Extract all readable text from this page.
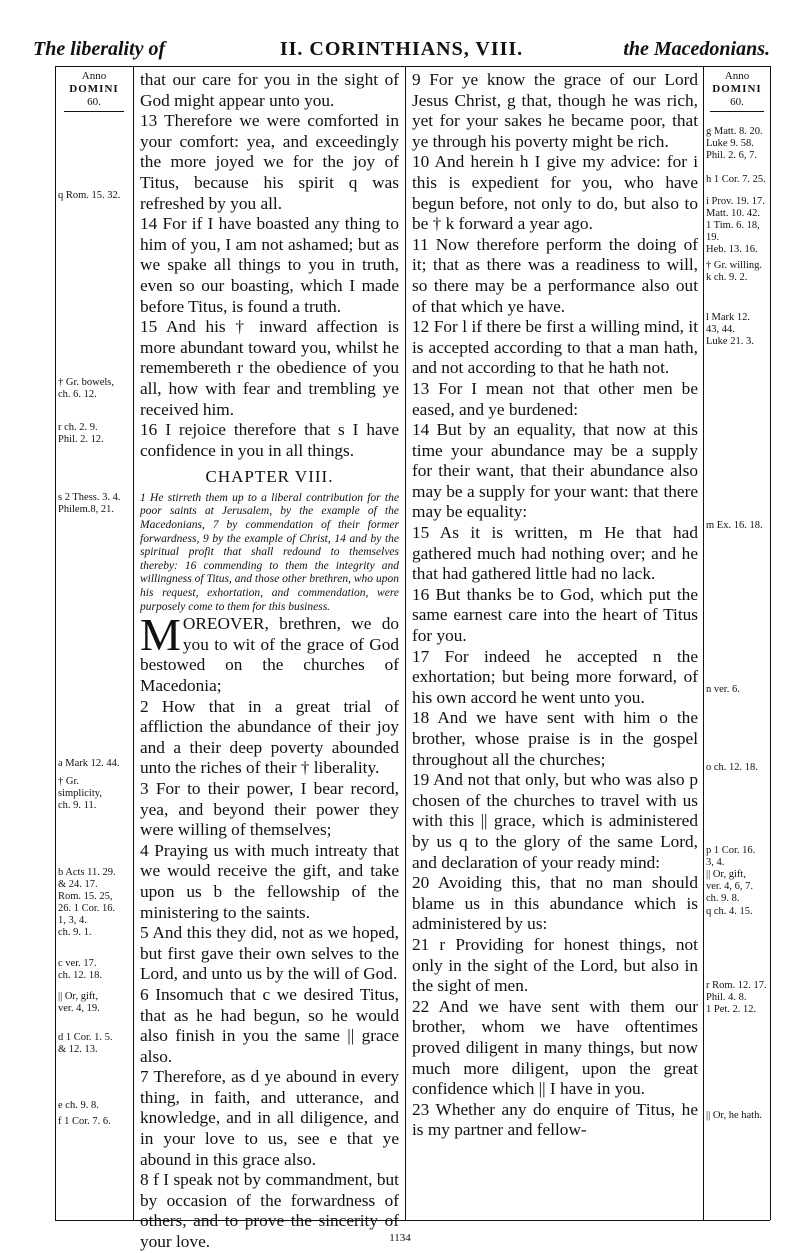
The liberality of	II. CORINTHIANS, VIII.	the Macedonians.
Anno
DOMINI
60.
q Rom. 15. 32.
† Gr. bowels,
ch. 6. 12.
r ch. 2. 9.
Phil. 2. 12.
s 2 Thess. 3. 4.
Philem.8, 21.
a Mark 12. 44.
† Gr.
simplicity,
ch. 9. 11.
b Acts 11. 29.
& 24. 17.
Rom. 15. 25,
26. 1 Cor. 16.
1, 3, 4.
ch. 9. 1.
c ver. 17.
ch. 12. 18.
|| Or, gift,
ver. 4, 19.
d 1 Cor. 1. 5.
& 12. 13.
e ch. 9. 8.
f 1 Cor. 7. 6.

that our care for you in the sight of God might appear unto you.

13 Therefore we were comforted in your comfort: yea, and exceedingly the more joyed we for the joy of Titus, because his spirit q was refreshed by you all.

14 For if I have boasted any thing to him of you, I am not ashamed; but as we spake all things to you in truth, even so our boasting, which I made before Titus, is found a truth.

15 And his † inward affection is more abundant toward you, whilst he remembereth r the obedience of you all, how with fear and trembling ye received him.

16 I rejoice therefore that s I have confidence in you in all things.

CHAPTER VIII.

1 He stirreth them up to a liberal contribution for the poor saints at Jerusalem, by the example of the Macedonians, 7 by commendation of their former forwardness, 9 by the example of Christ, 14 and by the spiritual profit that shall redound to themselves thereby: 16 commending to them the integrity and willingness of Titus, and those other brethren, who upon his request, exhortation, and commendation, were purposely come to them for this business.

MOREOVER, brethren, we do you to wit of the grace of God bestowed on the churches of Macedonia;

2 How that in a great trial of affliction the abundance of their joy and a their deep poverty abounded unto the riches of their † liberality.

3 For to their power, I bear record, yea, and beyond their power they were willing of themselves;

4 Praying us with much intreaty that we would receive the gift, and take upon us b the fellowship of the ministering to the saints.

5 And this they did, not as we hoped, but first gave their own selves to the Lord, and unto us by the will of God.

6 Insomuch that c we desired Titus, that as he had begun, so he would also finish in you the same || grace also.

7 Therefore, as d ye abound in every thing, in faith, and utterance, and knowledge, and in all diligence, and in your love to us, see e that ye abound in this grace also.

8 f I speak not by commandment, but by occasion of the forwardness of others, and to prove the sincerity of your love.

9 For ye know the grace of our Lord Jesus Christ, g that, though he was rich, yet for your sakes he became poor, that ye through his poverty might be rich.

10 And herein h I give my advice: for i this is expedient for you, who have begun before, not only to do, but also to be † k forward a year ago.

11 Now therefore perform the doing of it; that as there was a readiness to will, so there may be a performance also out of that which ye have.

12 For l if there be first a willing mind, it is accepted according to that a man hath, and not according to that he hath not.

13 For I mean not that other men be eased, and ye burdened:

14 But by an equality, that now at this time your abundance may be a supply for their want, that their abundance also may be a supply for your want: that there may be equality:

15 As it is written, m He that had gathered much had nothing over; and he that had gathered little had no lack.

16 But thanks be to God, which put the same earnest care into the heart of Titus for you.

17 For indeed he accepted n the exhortation; but being more forward, of his own accord he went unto you.

18 And we have sent with him o the brother, whose praise is in the gospel throughout all the churches;

19 And not that only, but who was also p chosen of the churches to travel with us with this || grace, which is administered by us q to the glory of the same Lord, and declaration of your ready mind:

20 Avoiding this, that no man should blame us in this abundance which is administered by us:

21 r Providing for honest things, not only in the sight of the Lord, but also in the sight of men.

22 And we have sent with them our brother, whom we have oftentimes proved diligent in many things, but now much more diligent, upon the great confidence which || I have in you.

23 Whether any do enquire of Titus, he is my partner and fellow-

Anno
DOMINI
60.
g Matt. 8. 20.
Luke 9. 58.
Phil. 2. 6, 7.
h 1 Cor. 7. 25.
i Prov. 19. 17.
Matt. 10. 42.
1 Tim. 6. 18,
19.
Heb. 13. 16.
† Gr. willing.
k ch. 9. 2.
l Mark 12.
43, 44.
Luke 21. 3.
m Ex. 16. 18.
n ver. 6.
o ch. 12. 18.
p 1 Cor. 16.
3, 4.
|| Or, gift,
ver. 4, 6, 7.
ch. 9. 8.
q ch. 4. 15.
r Rom. 12. 17.
Phil. 4. 8.
1 Pet. 2. 12.
|| Or, he hath.
1134
